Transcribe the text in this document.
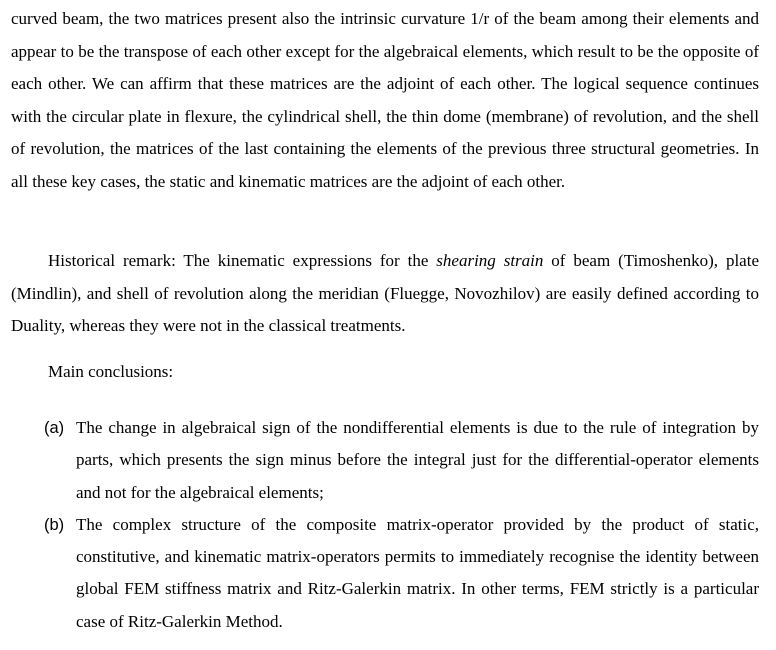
curved beam, the two matrices present also the intrinsic curvature 1/r of the beam among their elements and appear to be the transpose of each other except for the algebraical elements, which result to be the opposite of each other. We can affirm that these matrices are the adjoint of each other. The logical sequence continues with the circular plate in flexure, the cylindrical shell, the thin dome (membrane) of revolution, and the shell of revolution, the matrices of the last containing the elements of the previous three structural geometries. In all these key cases, the static and kinematic matrices are the adjoint of each other.

Historical remark: The kinematic expressions for the shearing strain of beam (Timoshenko), plate (Mindlin), and shell of revolution along the meridian (Fluegge, Novozhilov) are easily defined according to Duality, whereas they were not in the classical treatments.

Main conclusions:

(a) The change in algebraical sign of the nondifferential elements is due to the rule of integration by parts, which presents the sign minus before the integral just for the differential-operator elements and not for the algebraical elements;
(b) The complex structure of the composite matrix-operator provided by the product of static, constitutive, and kinematic matrix-operators permits to immediately recognise the identity between global FEM stiffness matrix and Ritz-Galerkin matrix. In other terms, FEM strictly is a particular case of Ritz-Galerkin Method.
